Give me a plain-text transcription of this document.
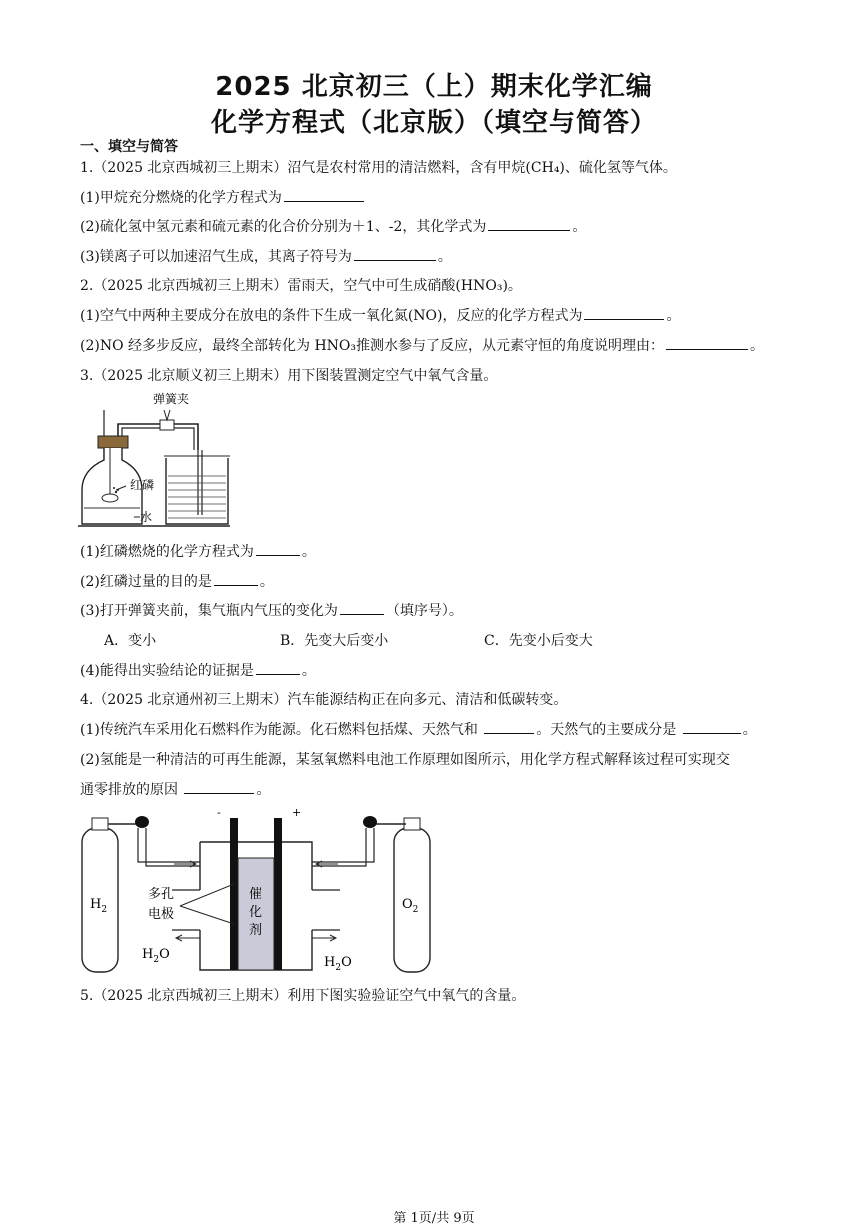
2025 北京初三（上）期末化学汇编
化学方程式（北京版）（填空与简答）
一、填空与简答
1.（2025 北京西城初三上期末）沼气是农村常用的清洁燃料，含有甲烷(CH₄)、硫化氢等气体。
(1)甲烷充分燃烧的化学方程式为
(2)硫化氢中氢元素和硫元素的化合价分别为＋1、-2，其化学式为	。
(3)镁离子可以加速沼气生成，其离子符号为	。
2.（2025 北京西城初三上期末）雷雨天，空气中可生成硝酸(HNO₃)。
(1)空气中两种主要成分在放电的条件下生成一氧化氮(NO)，反应的化学方程式为	。
(2)NO 经多步反应，最终全部转化为 HNO₃推测水参与了反应，从元素守恒的角度说明理由：	。
3.（2025 北京顺义初三上期末）用下图装置测定空气中氧气含量。
弹簧夹
红磷
水
(1)红磷燃烧的化学方程式为	。
(2)红磷过量的目的是	。
(3)打开弹簧夹前，集气瓶内气压的变化为	（填序号）。
A．变小	B．先变大后变小	C．先变小后变大
(4)能得出实验结论的证据是	。
4.（2025 北京通州初三上期末）汽车能源结构正在向多元、清洁和低碳转变。
(1)传统汽车采用化石燃料作为能源。化石燃料包括煤、天然气和	。天然气的主要成分是	。
(2)氢能是一种清洁的可再生能源，某氢氧燃料电池工作原理如图所示，用化学方程式解释该过程可实现交
通零排放的原因	。
$H_2$	$O_2$
-	+
催
化
剂
多孔
电极
$H_2O$
$H_2O$
5.（2025 北京西城初三上期末）利用下图实验验证空气中氧气的含量。
第 1页/共 9页
